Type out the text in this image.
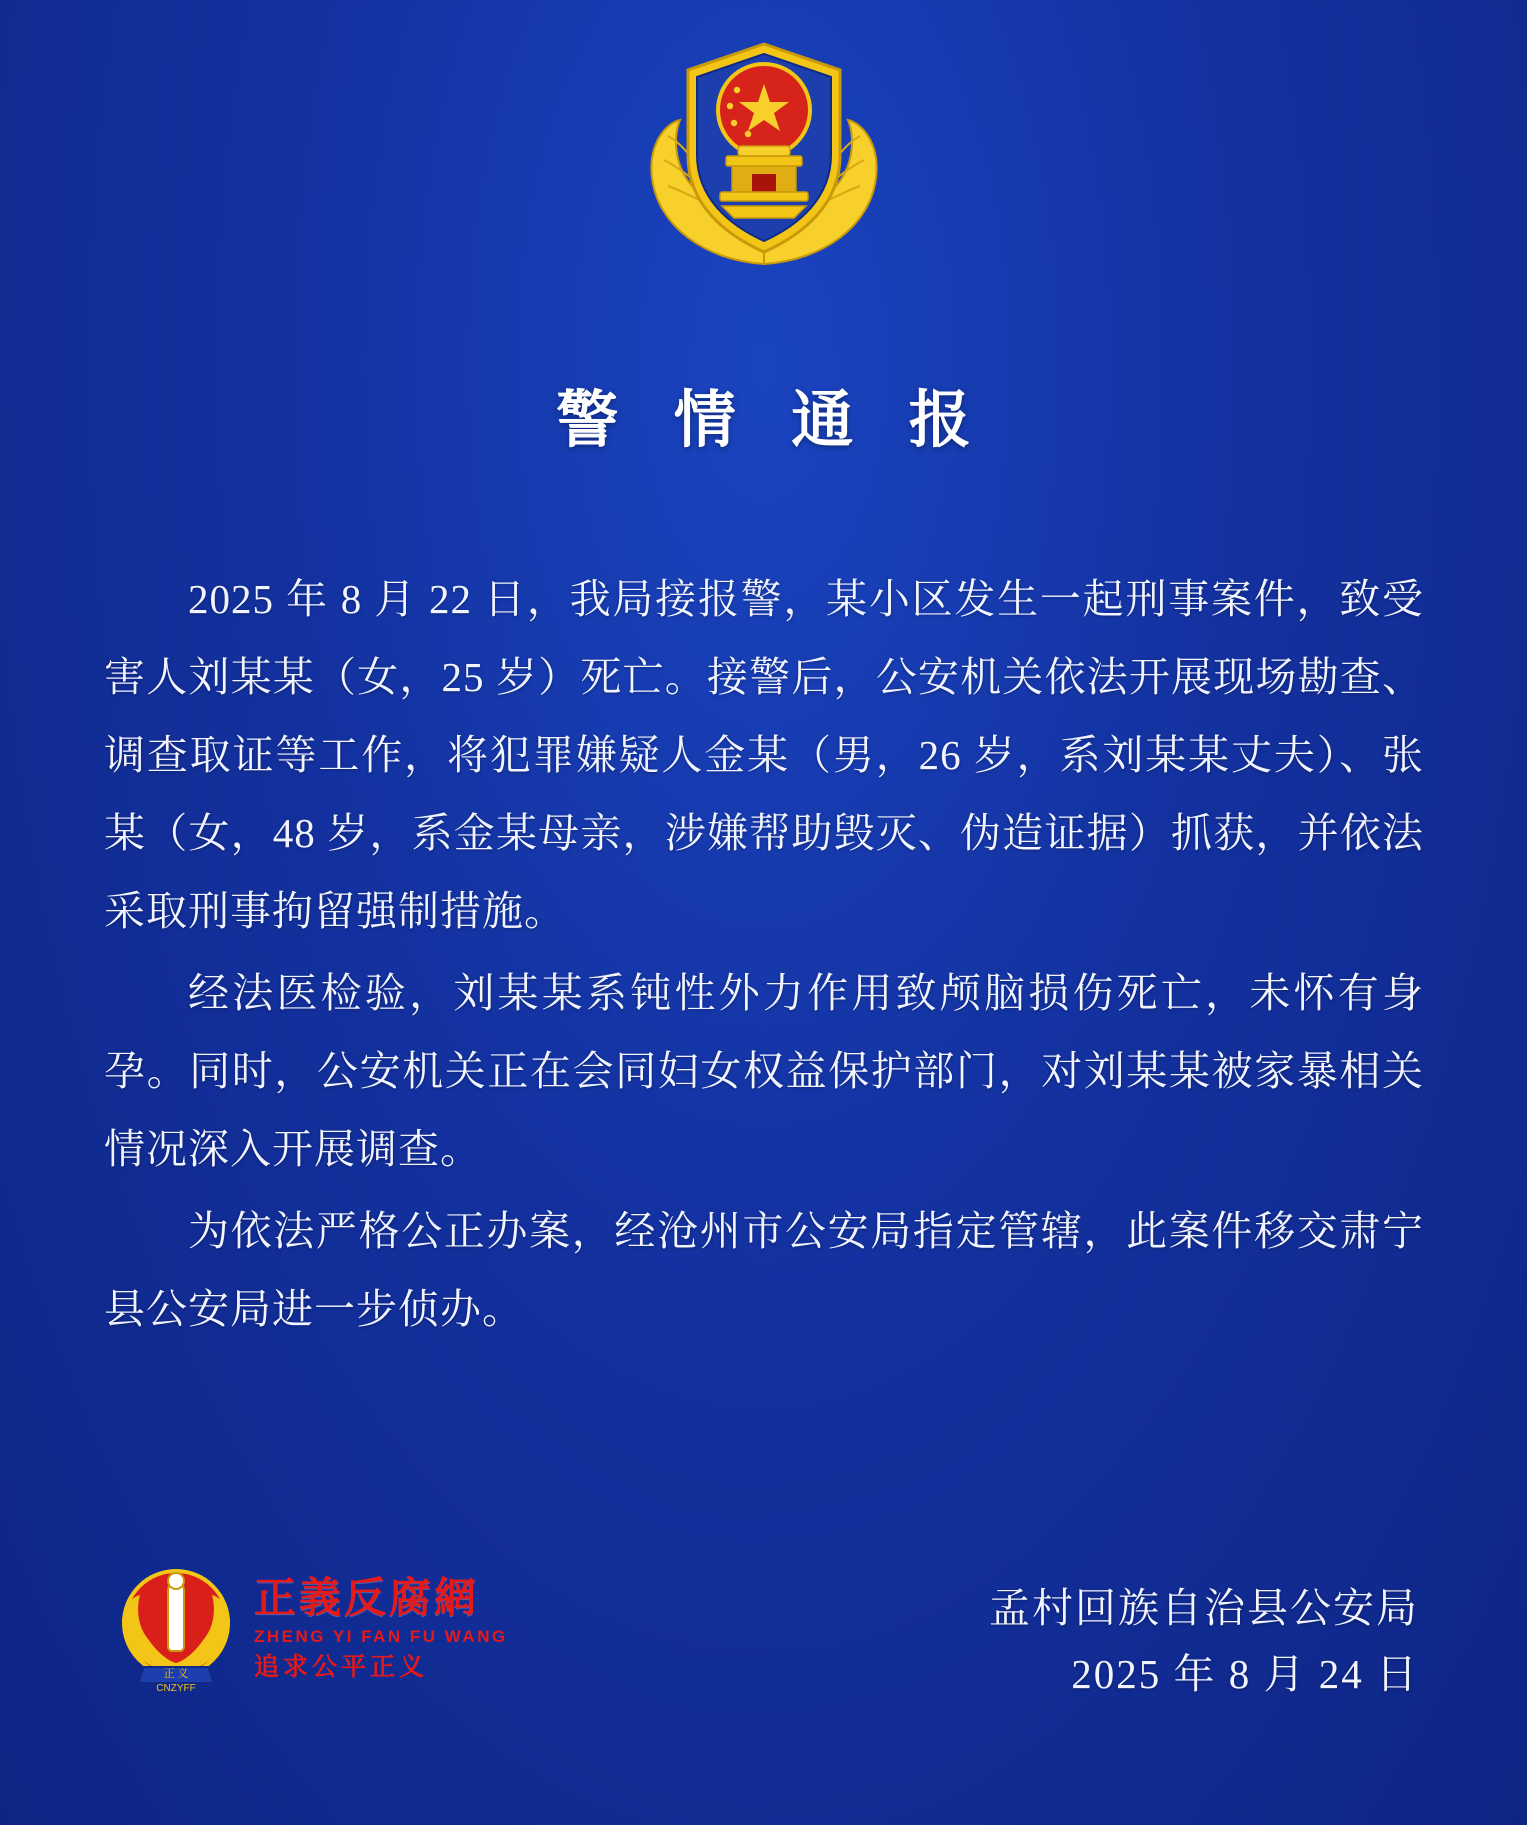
警 情 通 报

2025 年 8 月 22 日，我局接报警，某小区发生一起刑事案件，致受害人刘某某（女，25 岁）死亡。接警后，公安机关依法开展现场勘查、调查取证等工作，将犯罪嫌疑人金某（男，26 岁，系刘某某丈夫）、张某（女，48 岁，系金某母亲，涉嫌帮助毁灭、伪造证据）抓获，并依法采取刑事拘留强制措施。

经法医检验，刘某某系钝性外力作用致颅脑损伤死亡，未怀有身孕。同时，公安机关正在会同妇女权益保护部门，对刘某某被家暴相关情况深入开展调查。

为依法严格公正办案，经沧州市公安局指定管辖，此案件移交肃宁县公安局进一步侦办。

孟村回族自治县公安局
2025 年 8 月 24 日
正 义
CNZYFF
正義反腐網
ZHENG YI FAN FU WANG
追求公平正义
